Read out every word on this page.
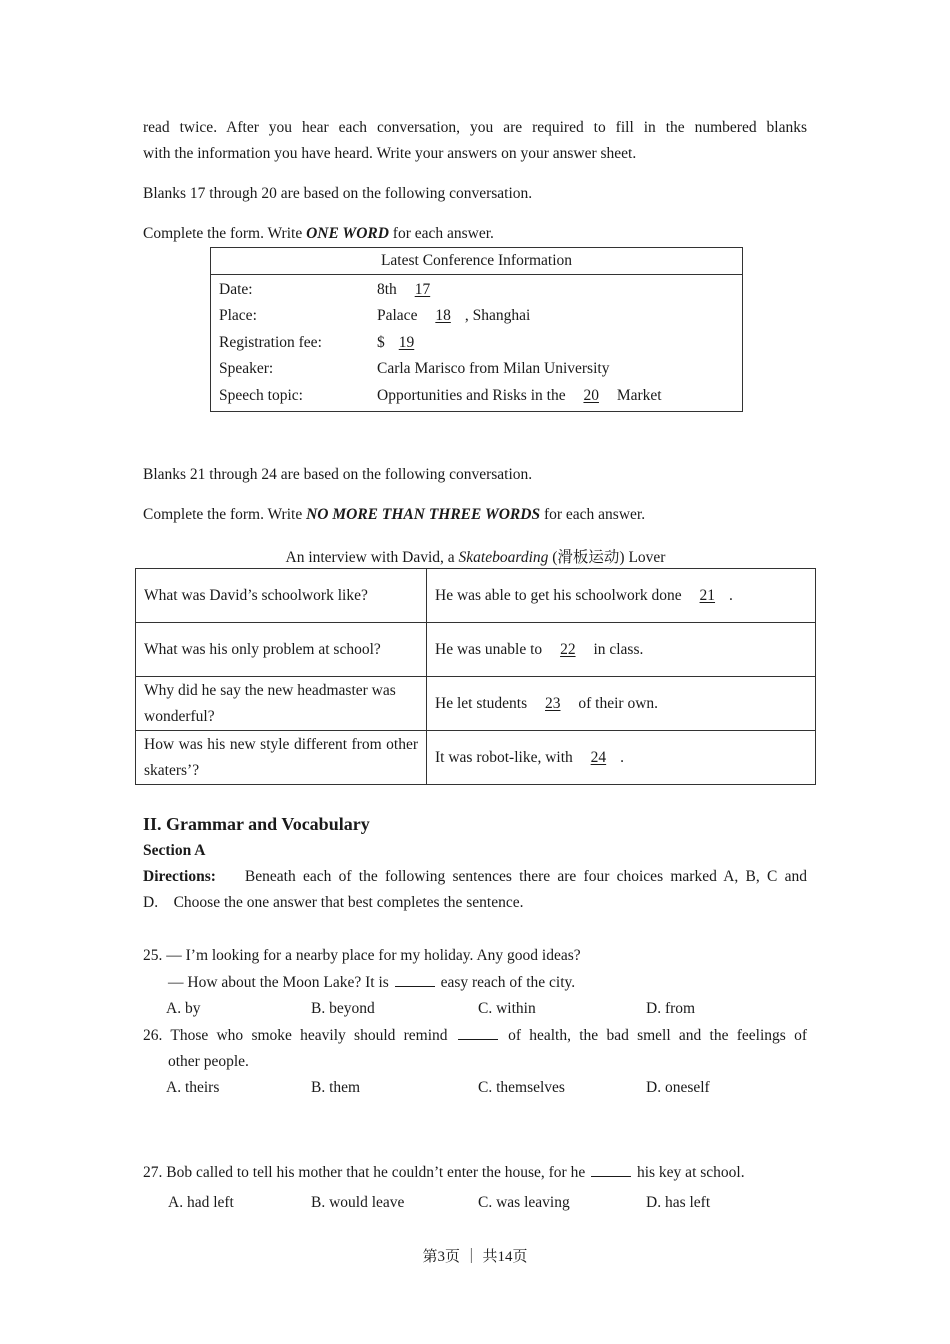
read twice. After you hear each conversation, you are required to fill in the numbered blanks

with the information you have heard. Write your answers on your answer sheet.

Blanks 17 through 20 are based on the following conversation.

Complete the form. Write ONE WORD for each answer.

Latest Conference Information
Date:	8th 17
Place:	Palace 18 , Shanghai
Registration fee:	$ 19
Speaker:	Carla Marisco from Milan University
Speech topic:	Opportunities and Risks in the 20 Market

Blanks 21 through 24 are based on the following conversation.

Complete the form. Write NO MORE THAN THREE WORDS for each answer.

An interview with David, a Skateboarding (滑板运动) Lover

What was David’s schoolwork like?	He was able to get his schoolwork done 21 .
What was his only problem at school?	He was unable to 22 in class.
Why did he say the new headmaster was wonderful?	He let students 23 of their own.
How was his new style different from other skaters’?	It was robot-like, with 24 .
II. Grammar and Vocabulary

Section A

Directions:    Beneath each of the following sentences there are four choices marked A, B, C and

D.    Choose the one answer that best completes the sentence.

25. — I’m looking for a nearby place for my holiday. Any good ideas?

— How about the Moon Lake? It is	easy reach of the city.

A. by	B. beyond	C. within	D. from

26. Those who smoke heavily should remind	of health, the bad smell and the feelings of

other people.

A. theirs	B. them	C. themselves	D. oneself

27. Bob called to tell his mother that he couldn’t enter the house, for he	his key at school.

A. had left	B. would leave	C. was leaving	D. has left

第3页 ｜ 共14页
